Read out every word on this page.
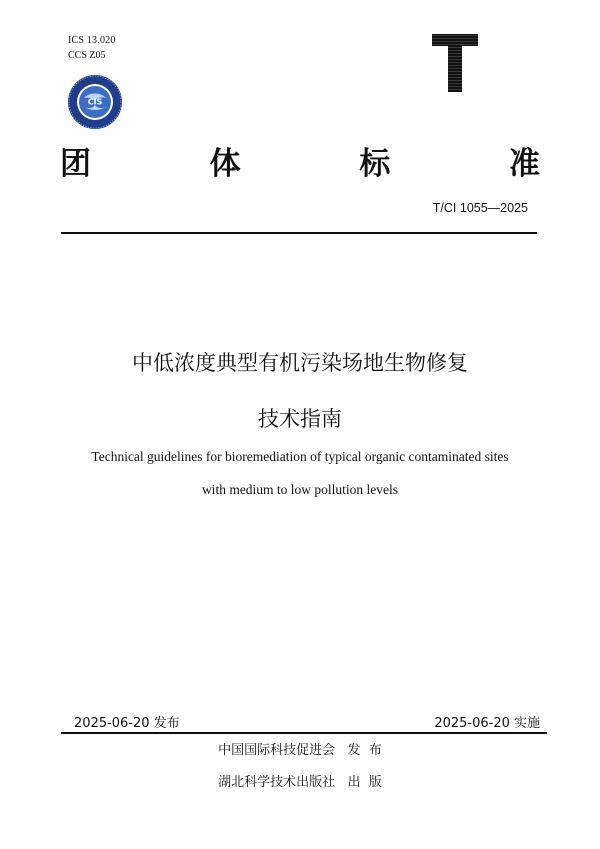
ICS 13.020
CCS Z05
CIS
T
团	体	标	准
T/CI 1055—2025
中低浓度典型有机污染场地生物修复
技术指南
Technical guidelines for bioremediation of typical organic contaminated sites
with medium to low pollution levels
2025-06-20 发布	2025-06-20 实施
中国国际科技促进会   发  布
湖北科学技术出版社   出  版
